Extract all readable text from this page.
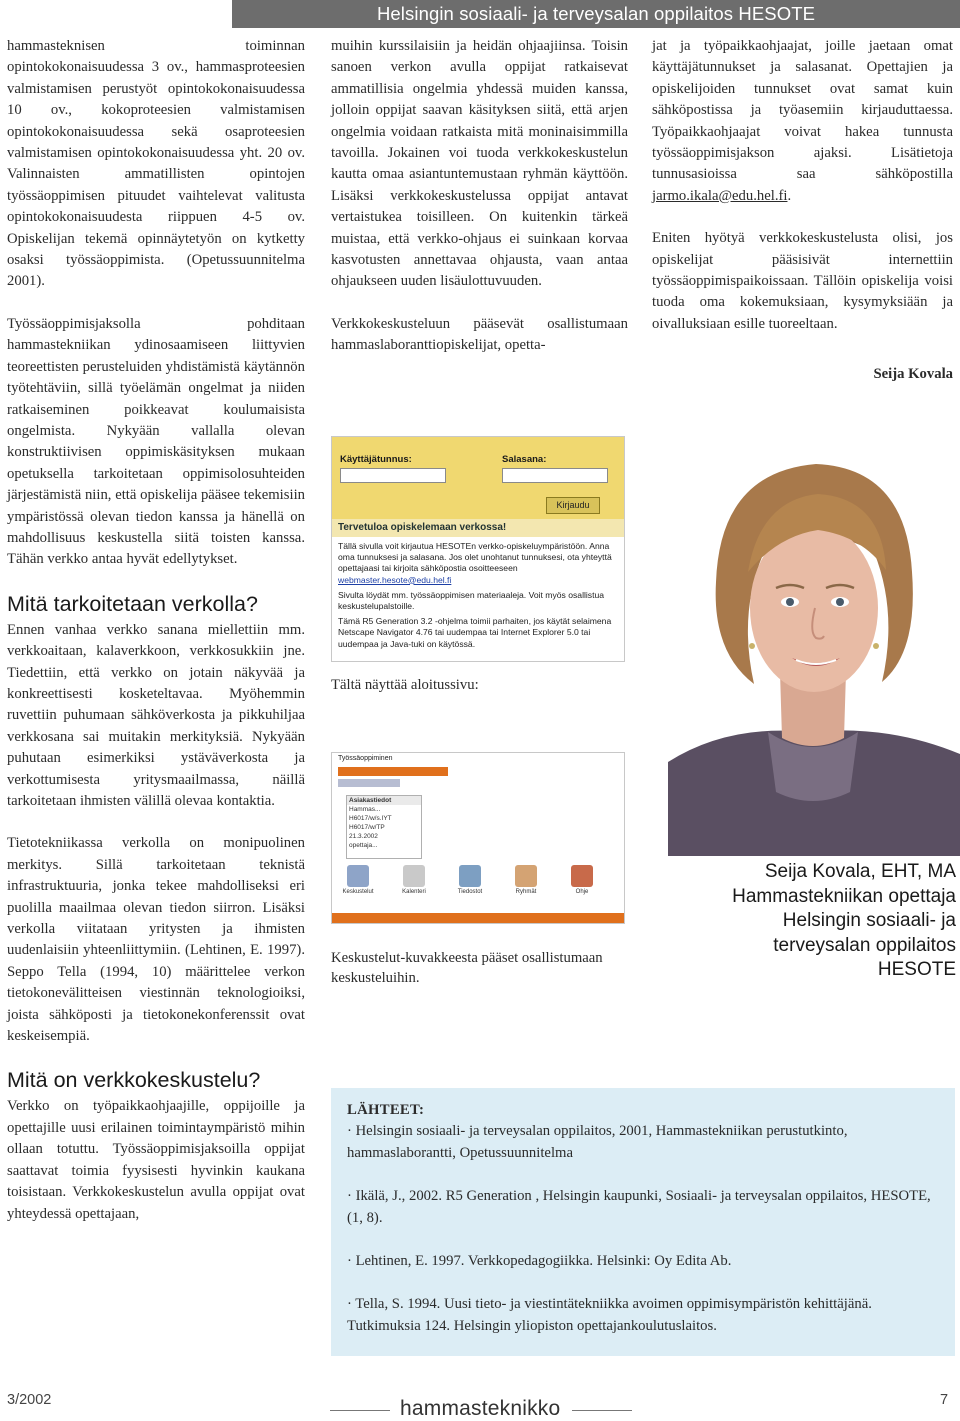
Helsingin sosiaali- ja terveysalan oppilaitos HESOTE

hammasteknisen toiminnan opintokokonaisuudessa 3 ov., hammasproteesien valmistamisen perustyöt opintokokonaisuudessa 10 ov., kokoproteesien valmistamisen opintokokonaisuudessa sekä osaproteesien valmistamisen opintokokonaisuudessa yht. 20 ov. Valinnaisten ammatillisten opintojen työssäoppimisen pituudet vaihtelevat valitusta opintokokonaisuudesta riippuen 4-5 ov. Opiskelijan tekemä opinnäytetyön on kytketty osaksi työssäoppimista. (Opetussuunnitelma 2001).

Työssäoppimisjaksolla pohditaan hammastekniikan ydinosaamiseen liittyvien teoreettisten perusteluiden yhdistämistä käytännön työtehtäviin, sillä työelämän ongelmat ja niiden ratkaiseminen poikkeavat koulumaisista ongelmista. Nykyään vallalla olevan konstruktiivisen oppimiskäsityksen mukaan opetuksella tarkoitetaan oppimisolosuhteiden järjestämistä niin, että opiskelija pääsee tekemisiin ympäristössä olevan tiedon kanssa ja hänellä on mahdollisuus keskustella siitä toisten kanssa. Tähän verkko antaa hyvät edellytykset.

Mitä tarkoitetaan verkolla?

Ennen vanhaa verkko sanana miellettiin mm. verkkoaitaan, kalaverkkoon, verkkosukkiin jne. Tiedettiin, että verkko on jotain näkyvää ja konkreettisesti kosketeltavaa. Myöhemmin ruvettiin puhumaan sähköverkosta ja pikkuhiljaa verkkosana sai muitakin merkityksiä. Nykyään puhutaan esimerkiksi ystäväverkosta ja verkottumisesta yritysmaailmassa, näillä tarkoitetaan ihmisten välillä olevaa kontaktia.

Tietotekniikassa verkolla on monipuolinen merkitys. Sillä tarkoitetaan teknistä infrastruktuuria, jonka tekee mahdolliseksi eri puolilla maailmaa olevan tiedon siirron. Lisäksi verkolla viitataan yritysten ja ihmisten uudenlaisiin yhteenliittymiin. (Lehtinen, E. 1997). Seppo Tella (1994, 10) määrittelee verkon tietokonevälitteisen viestinnän teknologioiksi, joista sähköposti ja tietokonekonferenssit ovat keskeisempiä.

Mitä on verkkokeskustelu?

Verkko on työpaikkaohjaajille, oppijoille ja opettajille uusi erilainen toimintaympäristö mihin ollaan totuttu. Työssäoppimisjaksoilla oppijat saattavat toimia fyysisesti hyvinkin kaukana toisistaan. Verkkokeskustelun avulla oppijat ovat yhteydessä opettajaan,

muihin kurssilaisiin ja heidän ohjaajiinsa. Toisin sanoen verkon avulla oppijat ratkaisevat ammatillisia ongelmia yhdessä muiden kanssa, jolloin oppijat saavan käsityksen siitä, että arjen ongelmia voidaan ratkaista mitä moninaisimmilla tavoilla. Jokainen voi tuoda verkkokeskustelun kautta omaa asiantuntemustaan ryhmän käyttöön. Lisäksi verkkokeskustelussa oppijat antavat vertaistukea toisilleen. On kuitenkin tärkeä muistaa, että verkko-ohjaus ei suinkaan korvaa kasvotusten annettavaa ohjausta, vaan antaa ohjaukseen uuden lisäulottuvuuden.

Verkkokeskusteluun pääsevät osallistumaan hammaslaboranttiopiskelijat, opetta-

jat ja työpaikkaohjaajat, joille jaetaan omat käyttäjätunnukset ja salasanat. Opettajien ja opiskelijoiden tunnukset ovat samat kuin sähköpostissa ja työasemiin kirjauduttaessa. Työpaikkaohjaajat voivat hakea tunnusta työssäoppimisjakson ajaksi. Lisätietoja tunnusasioissa saa sähköpostilla jarmo.ikala@edu.hel.fi.

Eniten hyötyä verkkokeskustelusta olisi, jos opiskelijat pääsisivät internettiin työssäoppimispaikoissaan. Tällöin opiskelija voisi tuoda oma kokemuksiaan, kysymyksiään ja oivalluksiaan esille tuoreeltaan.

Seija Kovala
Käyttäjätunnus:	Salasana:
Kirjaudu
Tervetuloa opiskelemaan verkossa!

Tällä sivulla voit kirjautua HESOTEn verkko-opiskeluympäristöön. Anna oma tunnuksesi ja salasana. Jos olet unohtanut tunnuksesi, ota yhteyttä opettajaasi tai kirjoita sähköpostia osoitteeseen webmaster.hesote@edu.hel.fi

Sivulta löydät mm. työssäoppimisen materiaaleja. Voit myös osallistua keskustelupalstoille.

Tämä R5 Generation 3.2 -ohjelma toimii parhaiten, jos käytät selaimena Netscape Navigator 4.76 tai uudempaa tai Internet Explorer 5.0 tai uudempaa ja Java-tuki on käytössä.

Tältä näyttää aloitussivu:
Työssäoppiminen
Asiakastiedot
Hammas...
H6017/w/s.IYT
H6017/w/TP
21.3.2002
opettaja...
Keskustelut	Kalenteri	Tiedostot	Ryhmät	Ohje
Keskustelut-kuvakkeesta pääset osallistumaan keskusteluihin.
Seija Kovala, EHT, MA
Hammastekniikan opettaja
Helsingin sosiaali- ja
terveysalan oppilaitos
HESOTE
LÄHTEET:

· Helsingin sosiaali- ja terveysalan oppilaitos, 2001, Hammastekniikan perustutkinto, hammaslaborantti, Opetussuunnitelma

· Ikälä, J., 2002. R5 Generation , Helsingin kaupunki, Sosiaali- ja terveysalan oppilaitos, HESOTE, (1, 8).

· Lehtinen, E. 1997. Verkkopedagogiikka. Helsinki: Oy Edita Ab.

· Tella, S. 1994. Uusi tieto- ja viestintätekniikka avoimen oppimisympäristön kehittäjänä. Tutkimuksia 124. Helsingin yliopiston opettajankoulutuslaitos.

3/2002	hammasteknikko	7
